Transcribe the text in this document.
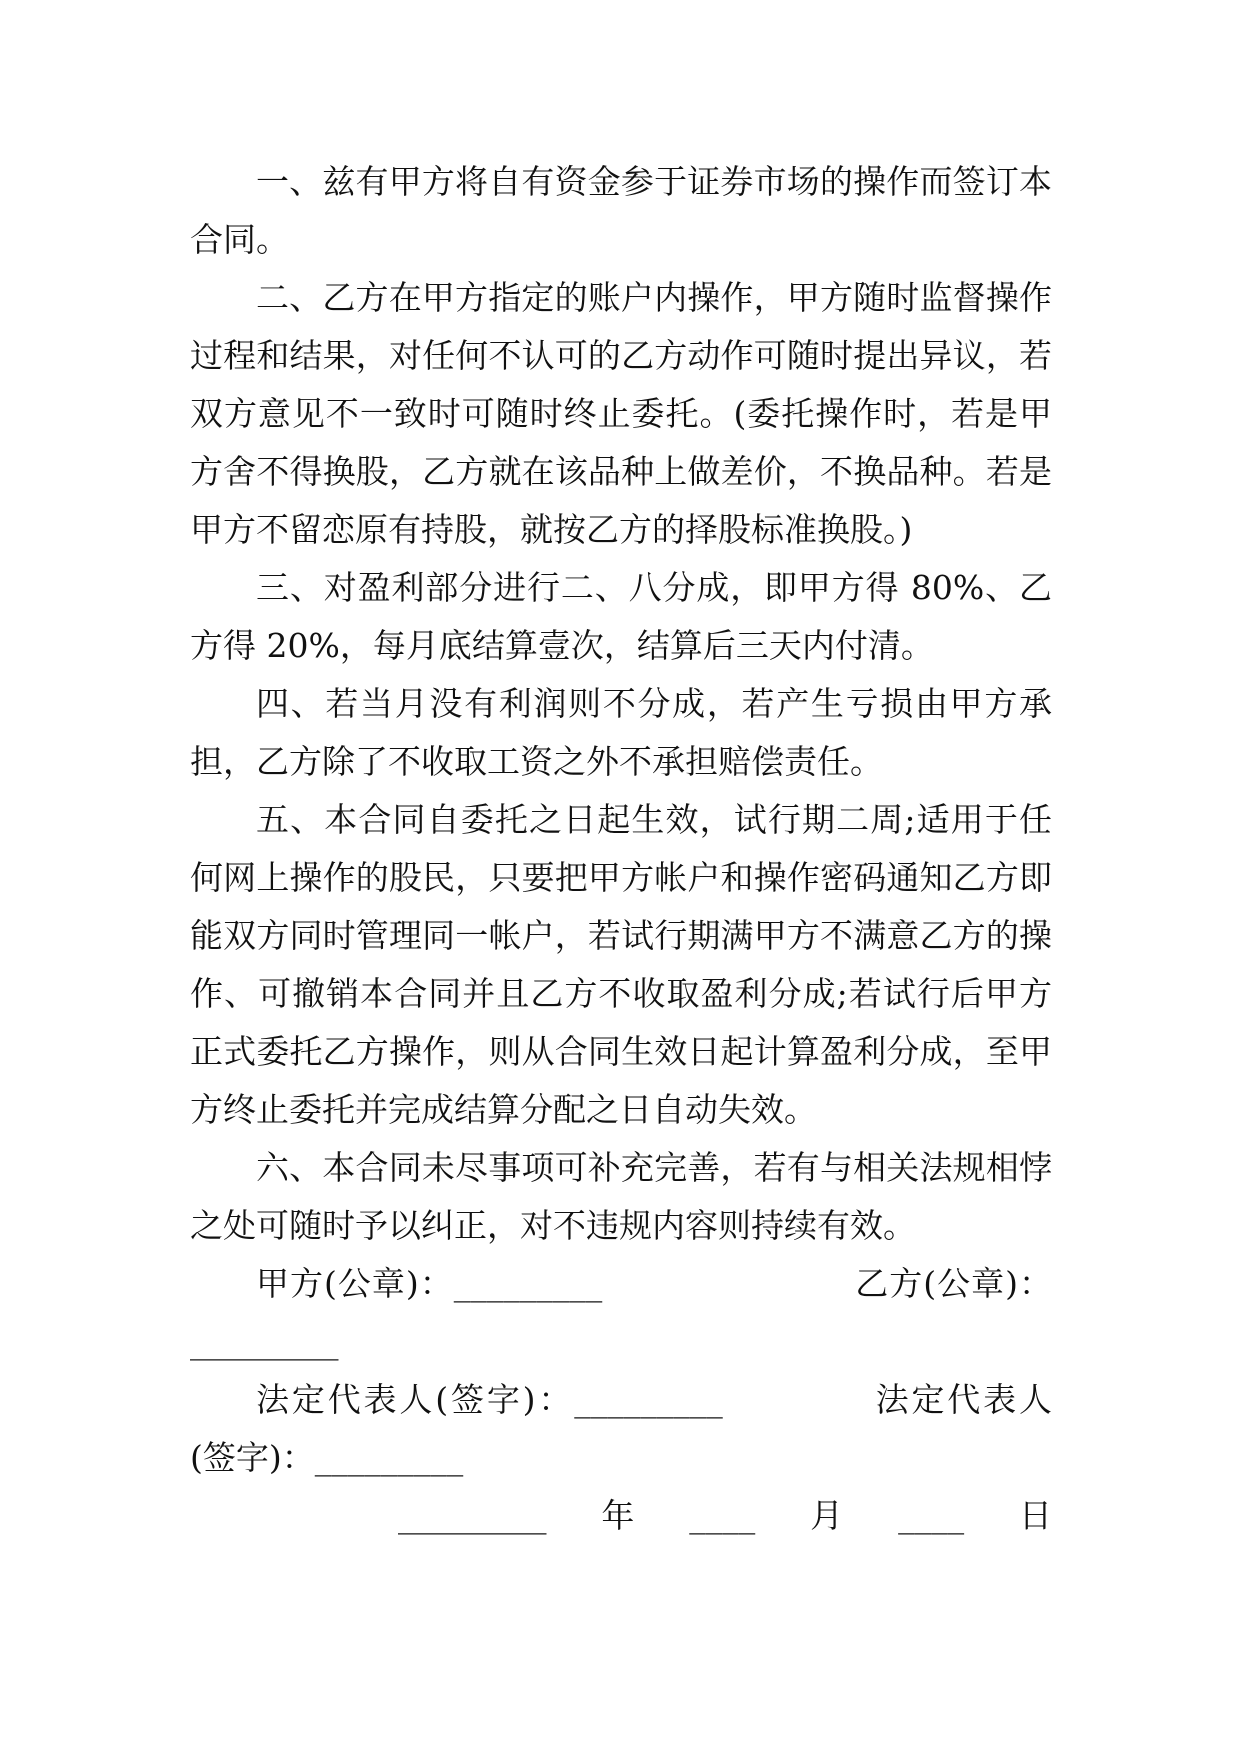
一、兹有甲方将自有资金参于证券市场的操作而签订本合同。

二、乙方在甲方指定的账户内操作，甲方随时监督操作过程和结果，对任何不认可的乙方动作可随时提出异议，若双方意见不一致时可随时终止委托。(委托操作时，若是甲方舍不得换股，乙方就在该品种上做差价，不换品种。若是甲方不留恋原有持股，就按乙方的择股标准换股。)

三、对盈利部分进行二、八分成，即甲方得 80%、乙方得 20%，每月底结算壹次，结算后三天内付清。

四、若当月没有利润则不分成，若产生亏损由甲方承担，乙方除了不收取工资之外不承担赔偿责任。

五、本合同自委托之日起生效，试行期二周;适用于任何网上操作的股民，只要把甲方帐户和操作密码通知乙方即能双方同时管理同一帐户，若试行期满甲方不满意乙方的操作、可撤销本合同并且乙方不收取盈利分成;若试行后甲方正式委托乙方操作，则从合同生效日起计算盈利分成，至甲方终止委托并完成结算分配之日自动失效。

六、本合同未尽事项可补充完善，若有与相关法规相悖之处可随时予以纠正，对不违规内容则持续有效。

甲方(公章)：_________	乙方(公章)：_________

法定代表人(签字)：_________	法定代表人(签字)：_________

_________ 年 ____ 月 ____ 日
